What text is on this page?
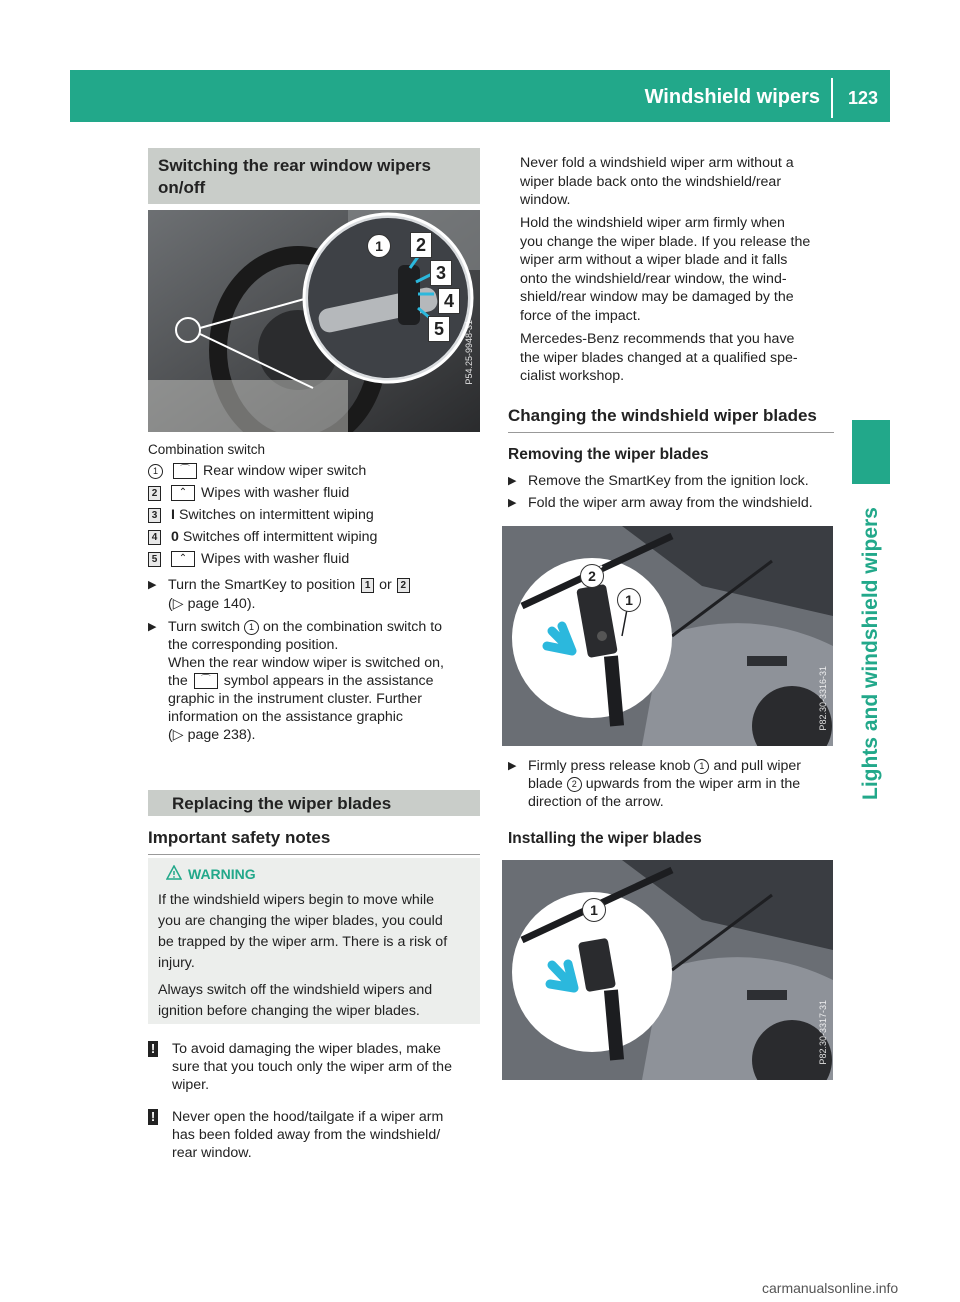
Windshield wipers	123
Lights and windshield wipers
Switching the rear window wipers
on/off
1	2
3
4
5	P54.25-9948-31
Combination switch
1	⌒ Rear window wiper switch
2	⌃ Wipes with washer fluid
3 I Switches on intermittent wiping
4 0 Switches off intermittent wiping
5	⌃ Wipes with washer fluid
▶ Turn the SmartKey to position 1 or 2
(▷ page 140).
▶ Turn switch 1 on the combination switch to
the corresponding position.
When the rear window wiper is switched on,
the	⌒ symbol appears in the assistance
graphic in the instrument cluster. Further
information on the assistance graphic
(▷ page 238).
Replacing the wiper blades
Important safety notes
WARNING
If the windshield wipers begin to move while
you are changing the wiper blades, you could
be trapped by the wiper arm. There is a risk of
injury.
Always switch off the windshield wipers and
ignition before changing the wiper blades.
! To avoid damaging the wiper blades, make
sure that you touch only the wiper arm of the
wiper.
! Never open the hood/tailgate if a wiper arm
has been folded away from the windshield/
rear window.
Never fold a windshield wiper arm without a
wiper blade back onto the windshield/rear
window.
Hold the windshield wiper arm firmly when
you change the wiper blade. If you release the
wiper arm without a wiper blade and it falls
onto the windshield/rear window, the wind-
shield/rear window may be damaged by the
force of the impact.
Mercedes-Benz recommends that you have
the wiper blades changed at a qualified spe-
cialist workshop.
Changing the windshield wiper blades
Removing the wiper blades
▶ Remove the SmartKey from the ignition lock.
▶ Fold the wiper arm away from the windshield.
2
1
P82.30-3316-31
▶ Firmly press release knob 1 and pull wiper
blade 2 upwards from the wiper arm in the
direction of the arrow.
Installing the wiper blades
1
P82.30-3317-31
carmanualsonline.info
